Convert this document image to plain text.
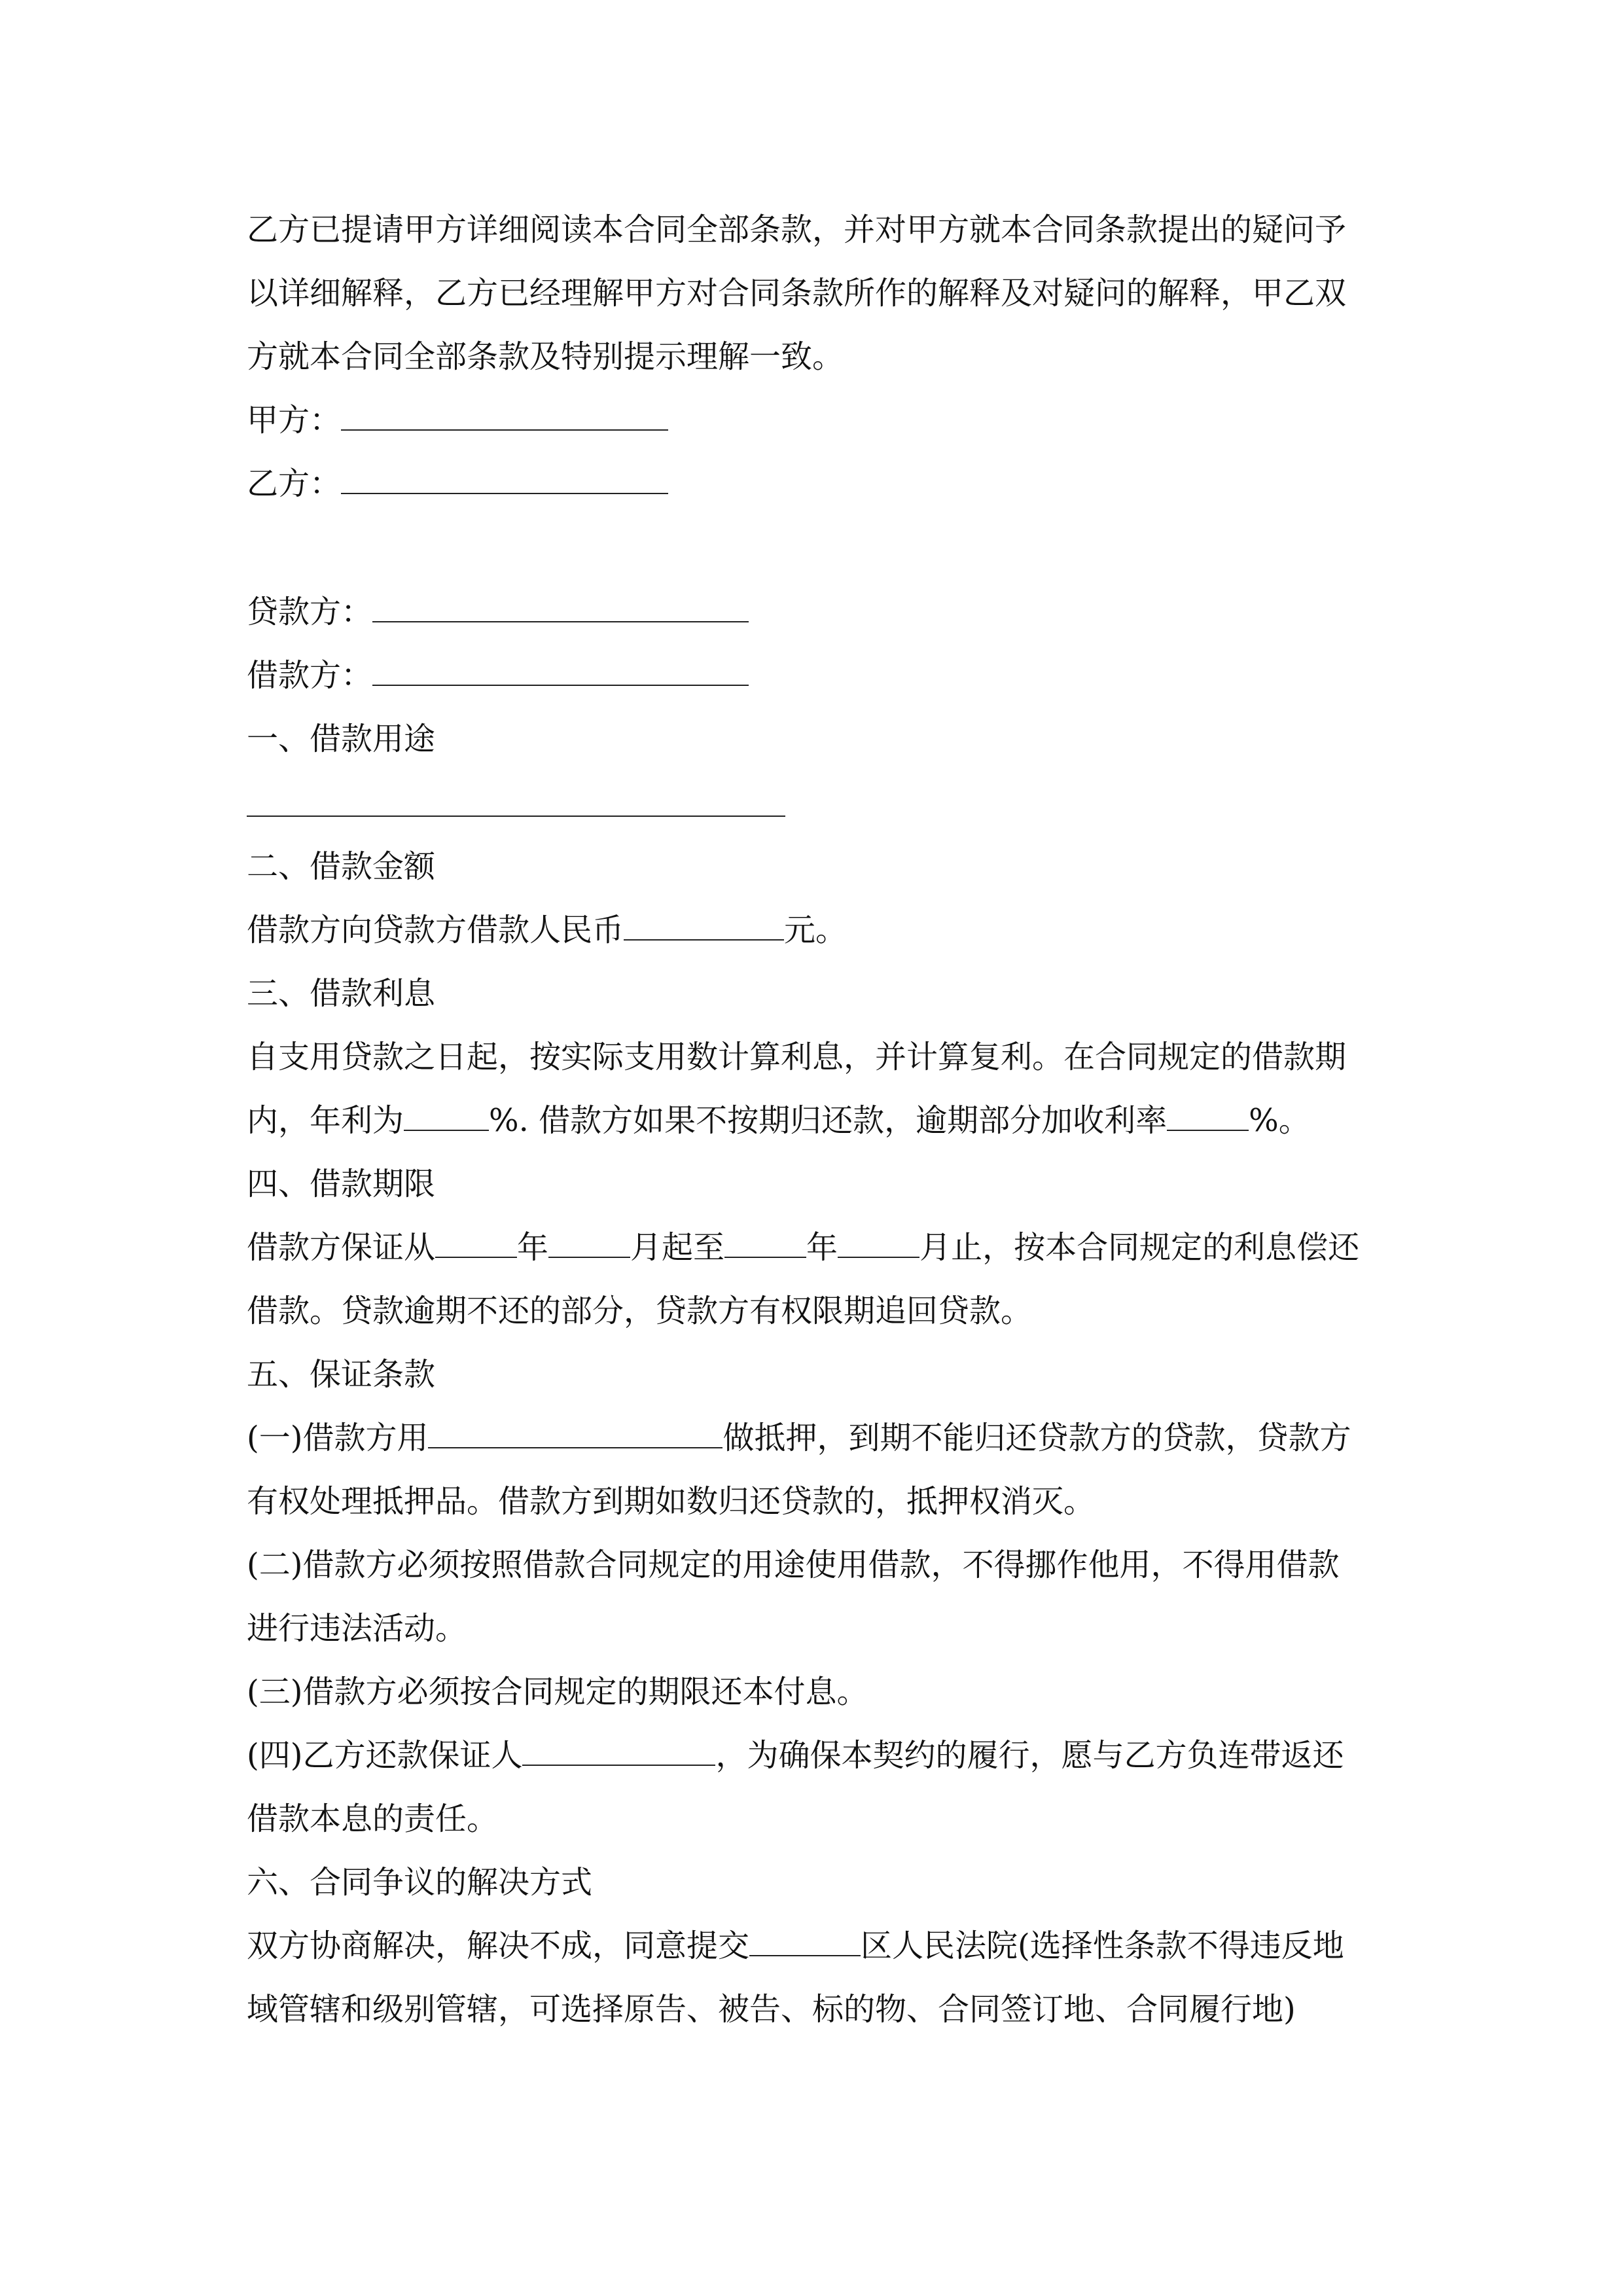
乙方已提请甲方详细阅读本合同全部条款，并对甲方就本合同条款提出的疑问予
以详细解释，乙方已经理解甲方对合同条款所作的解释及对疑问的解释，甲乙双
方就本合同全部条款及特别提示理解一致。
甲方：
乙方：
贷款方：
借款方：
一、借款用途
二、借款金额
借款方向贷款方借款人民币	元。
三、借款利息
自支用贷款之日起，按实际支用数计算利息，并计算复利。在合同规定的借款期
内，年利为	%. 借款方如果不按期归还款，逾期部分加收利率	%。
四、借款期限
借款方保证从	年	月起至	年	月止，按本合同规定的利息偿还
借款。贷款逾期不还的部分，贷款方有权限期追回贷款。
五、保证条款
(一)借款方用	做抵押，到期不能归还贷款方的贷款，贷款方
有权处理抵押品。借款方到期如数归还贷款的，抵押权消灭。
(二)借款方必须按照借款合同规定的用途使用借款，不得挪作他用，不得用借款
进行违法活动。
(三)借款方必须按合同规定的期限还本付息。
(四)乙方还款保证人	，为确保本契约的履行，愿与乙方负连带返还
借款本息的责任。
六、合同争议的解决方式
双方协商解决，解决不成，同意提交	区人民法院(选择性条款不得违反地
域管辖和级别管辖，可选择原告、被告、标的物、合同签订地、合同履行地)
